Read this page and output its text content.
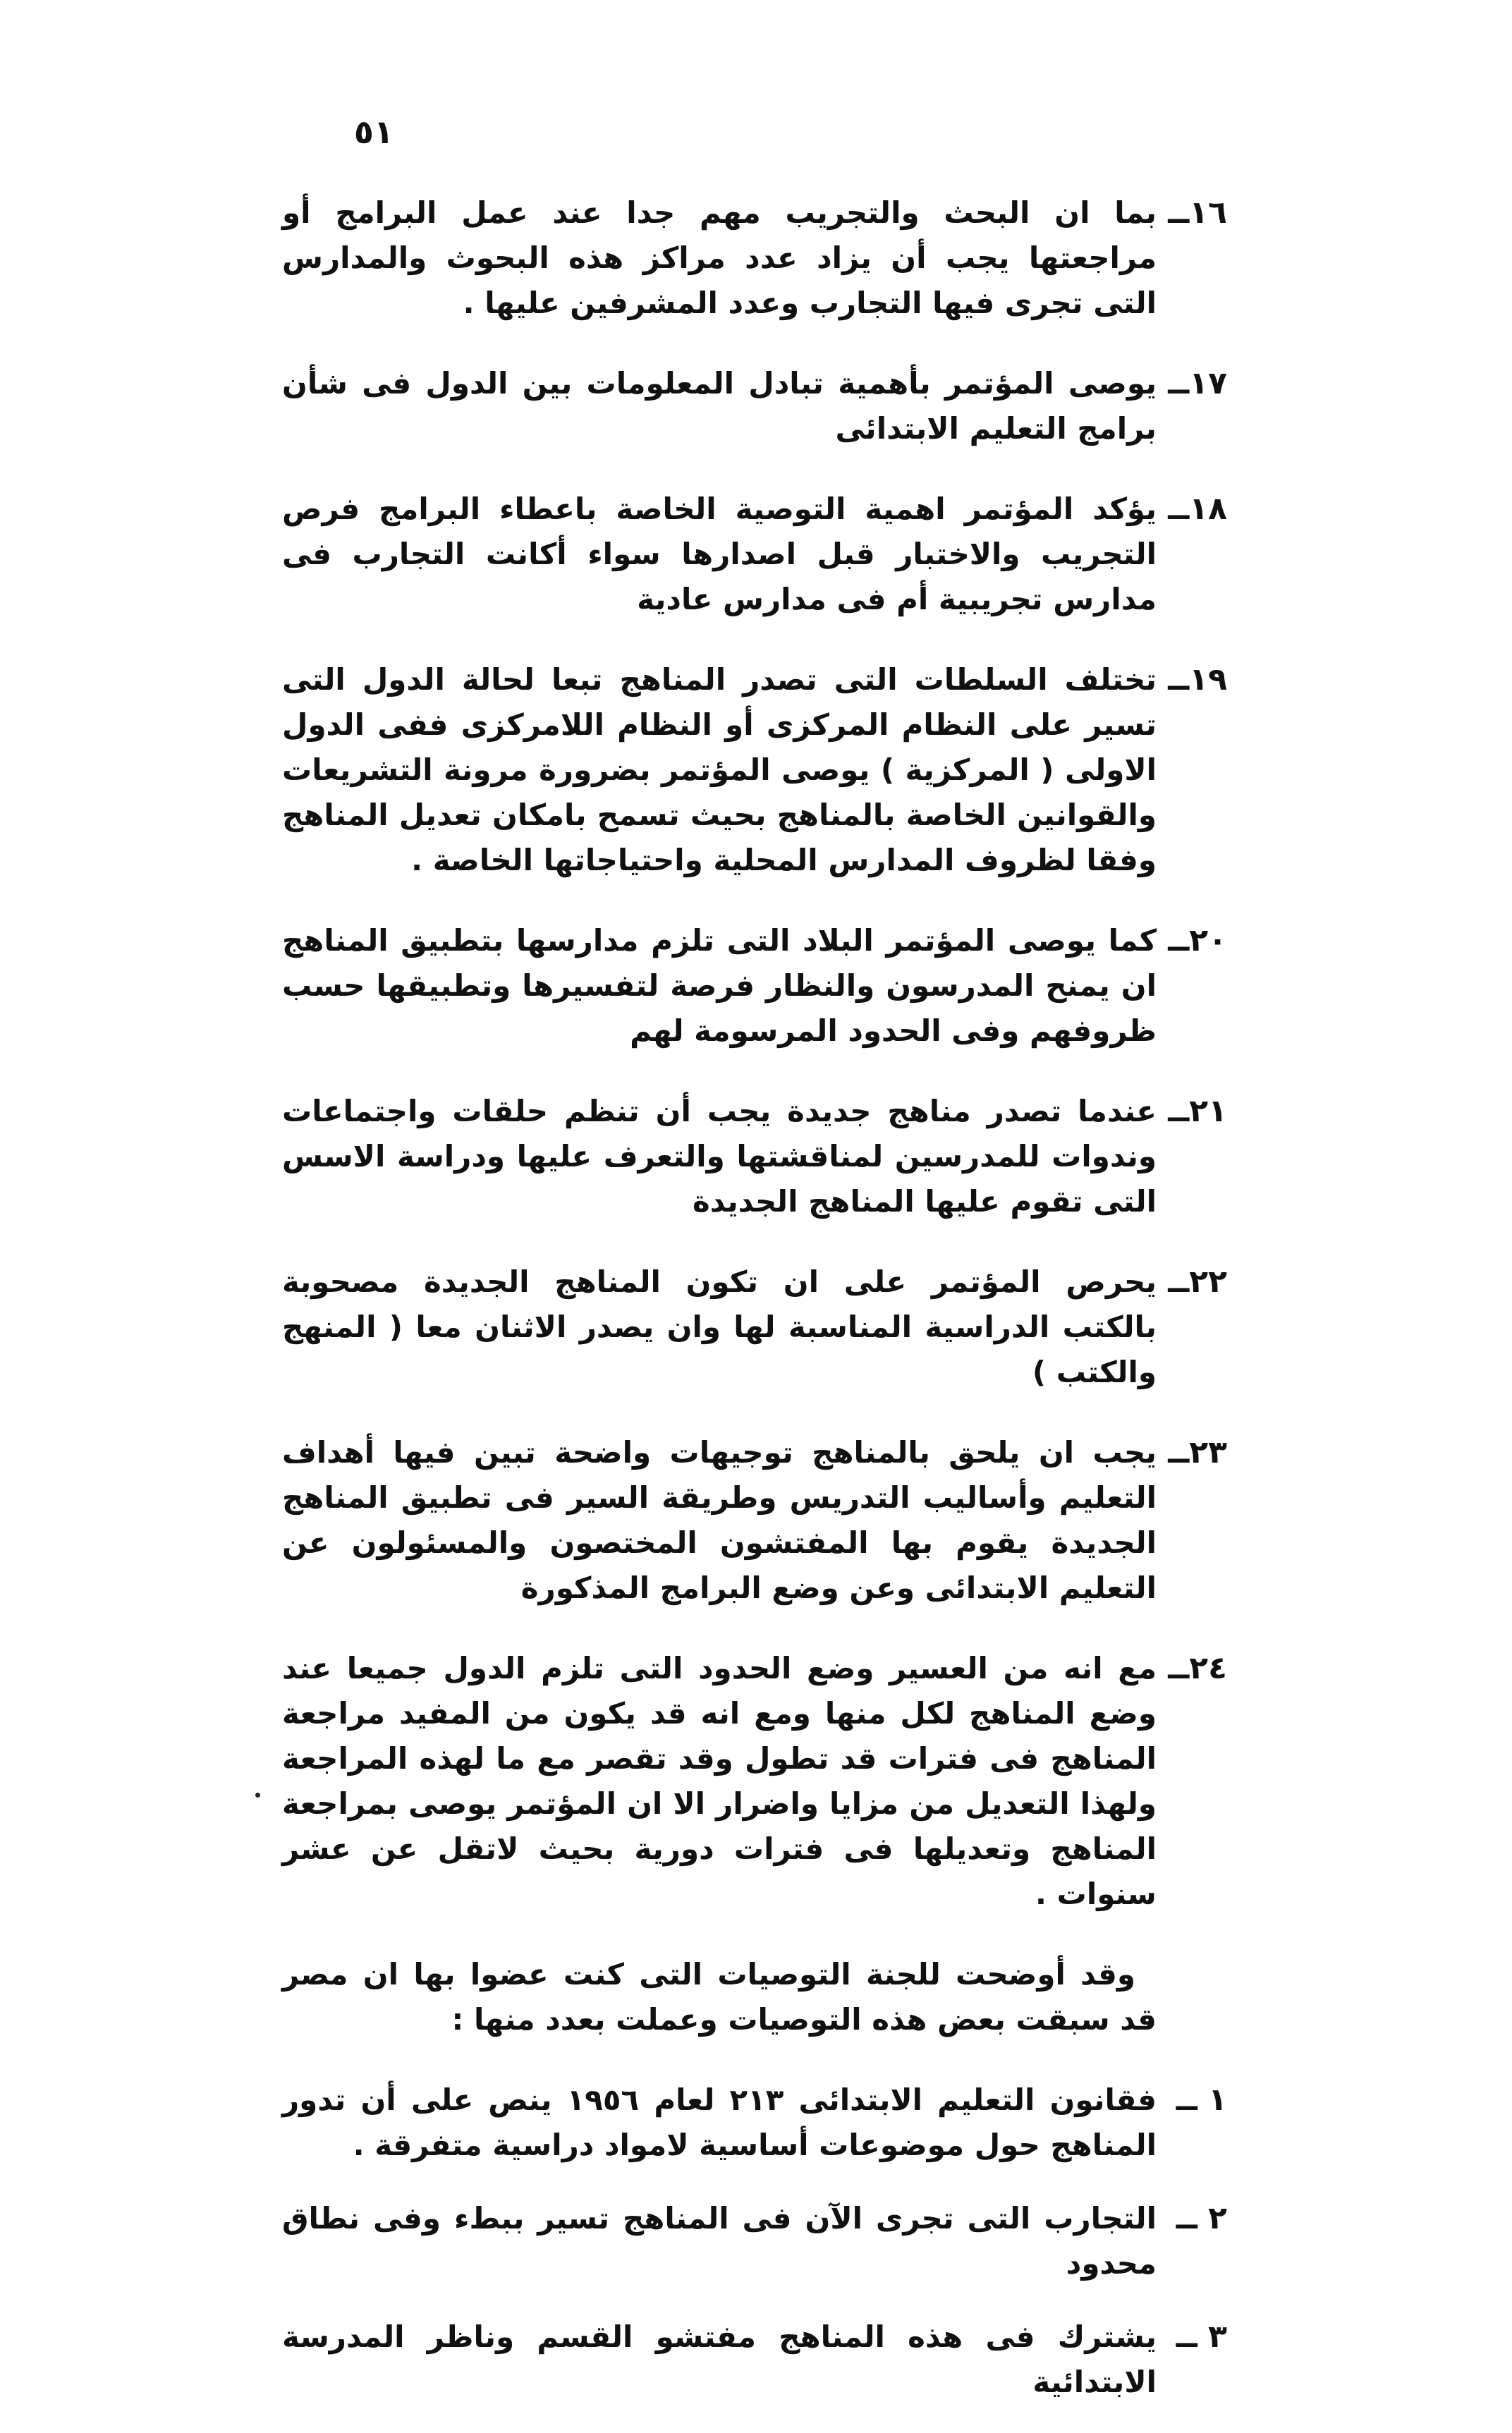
٥١
١٦ــ
بما ان البحث والتجريب مهم جدا عند عمل البرامج أو مراجعتها يجب أن يزاد عدد مراكز هذه البحوث والمدارس التى تجرى فيها التجارب وعدد المشرفين عليها .
١٧ــ
يوصى المؤتمر بأهمية تبادل المعلومات بين الدول فى شأن برامج التعليم الابتدائى
١٨ــ
يؤكد المؤتمر اهمية التوصية الخاصة باعطاء البرامج فرص التجريب والاختبار قبل اصدارها سواء أكانت التجارب فى مدارس تجريبية أم فى مدارس عادية
١٩ــ
تختلف السلطات التى تصدر المناهج تبعا لحالة الدول التى تسير على النظام المركزى أو النظام اللامركزى ففى الدول الاولى ( المركزية ) يوصى المؤتمر بضرورة مرونة التشريعات والقوانين الخاصة بالمناهج بحيث تسمح بامكان تعديل المناهج وفقا لظروف المدارس المحلية واحتياجاتها الخاصة .
٢٠ــ
كما يوصى المؤتمر البلاد التى تلزم مدارسها بتطبيق المناهج ان يمنح المدرسون والنظار فرصة لتفسيرها وتطبيقها حسب ظروفهم وفى الحدود المرسومة لهم
٢١ــ
عندما تصدر مناهج جديدة يجب أن تنظم حلقات واجتماعات وندوات للمدرسين لمناقشتها والتعرف عليها ودراسة الاسس التى تقوم عليها المناهج الجديدة
٢٢ــ
يحرص المؤتمر على ان تكون المناهج الجديدة مصحوبة بالكتب الدراسية المناسبة لها وان يصدر الاثنان معا ( المنهج والكتب )
٢٣ــ
يجب ان يلحق بالمناهج توجيهات واضحة تبين فيها أهداف التعليم وأساليب التدريس وطريقة السير فى تطبيق المناهج الجديدة يقوم بها المفتشون المختصون والمسئولون عن التعليم الابتدائى وعن وضع البرامج المذكورة
٢٤ــ
مع انه من العسير وضع الحدود التى تلزم الدول جميعا عند وضع المناهج لكل منها ومع انه قد يكون من المفيد مراجعة المناهج فى فترات قد تطول وقد تقصر مع ما لهذه المراجعة ولهذا التعديل من مزايا واضرار الا ان المؤتمر يوصى بمراجعة المناهج وتعديلها فى فترات دورية بحيث لاتقل عن عشر سنوات .

وقد أوضحت للجنة التوصيات التى كنت عضوا بها ان مصر قد سبقت بعض هذه التوصيات وعملت بعدد منها :

١ ــ
فقانون التعليم الابتدائى ٢١٣ لعام ١٩٥٦ ينص على أن تدور المناهج حول موضوعات أساسية لامواد دراسية متفرقة .
٢ ــ
التجارب التى تجرى الآن فى المناهج تسير ببطء وفى نطاق محدود
٣ ــ
يشترك فى هذه المناهج مفتشو القسم وناظر المدرسة الابتدائية
